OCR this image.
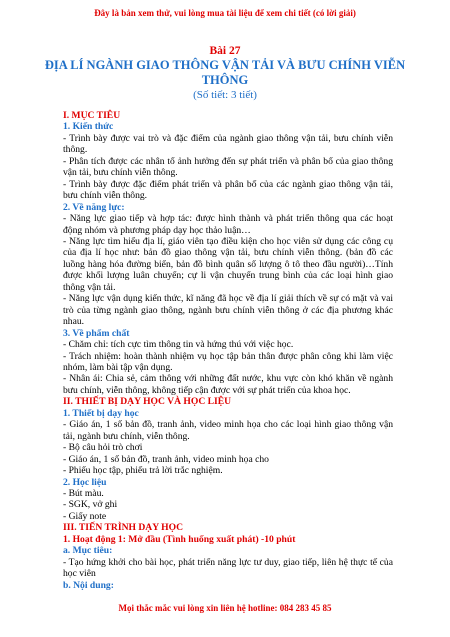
Đây là bản xem thử, vui lòng mua tài liệu để xem chi tiết (có lời giải)
Bài 27
ĐỊA LÍ NGÀNH GIAO THÔNG VẬN TẢI VÀ BƯU CHÍNH VIỄN THÔNG
(Số tiết: 3 tiết)

I. MỤC TIÊU

1. Kiến thức

- Trình bày được vai trò và đặc điểm của ngành giao thông vận tải, bưu chính viễn thông.

- Phân tích được các nhân tố ảnh hưởng đến sự phát triển và phân bố của giao thông vận tải, bưu chính viễn thông.

- Trình bày được đặc điểm phát triển và phân bố của các ngành giao thông vận tải, bưu chính viễn thông.

2. Về năng lực:

- Năng lực giao tiếp và hợp tác: được hình thành và phát triển thông qua các hoạt động nhóm và phương pháp dạy học thảo luận…

- Năng lực tìm hiểu địa lí, giáo viên tạo điều kiện cho học viên sử dụng các công cụ của địa lí học như: bản đồ giao thông vận tải, bưu chính viễn thông. (bản đồ các luồng hàng hóa đường biển, bản đồ bình quân số lượng ô tô theo đầu người)…Tính được khối lượng luân chuyển; cự li vận chuyển trung bình của các loại hình giao thông vận tải.

- Năng lực vận dụng kiến thức, kĩ năng đã học về địa lí giải thích về sự có mặt và vai trò của từng ngành giao thông, ngành bưu chính viễn thông ở các địa phương khác nhau.

3. Về phẩm chất

- Chăm chỉ: tích cực tìm thông tin và hứng thú với việc học.

- Trách nhiệm: hoàn thành nhiệm vụ học tập bản thân được phân công khi làm việc nhóm, làm bài tập vận dụng.

- Nhân ái: Chia sẻ, cảm thông với những đất nước, khu vực còn khó khăn về ngành bưu chính, viễn thông, không tiếp cận được với sự phát triển của khoa học.

II. THIẾT BỊ DẠY HỌC VÀ HỌC LIỆU

1. Thiết bị dạy học

- Giáo án, 1 số bản đồ, tranh ảnh, video minh họa cho các loại hình giao thông vận tải, ngành bưu chính, viễn thông.

- Bộ câu hỏi trò chơi

- Giáo án, 1 số bản đồ, tranh ảnh, video minh họa cho

- Phiếu học tập, phiếu trả lời trắc nghiệm.

2. Học liệu

- Bút màu.

- SGK, vở ghi

- Giấy note

III. TIẾN TRÌNH DẠY HỌC

1. Hoạt động 1: Mở đầu (Tình huống xuất phát) -10 phút

a. Mục tiêu:

- Tạo hứng khởi cho bài học, phát triển năng lực tư duy, giao tiếp, liên hệ thực tế của học viên

b. Nội dung:

Mọi thắc mắc vui lòng xin liên hệ hotline: 084 283 45 85
